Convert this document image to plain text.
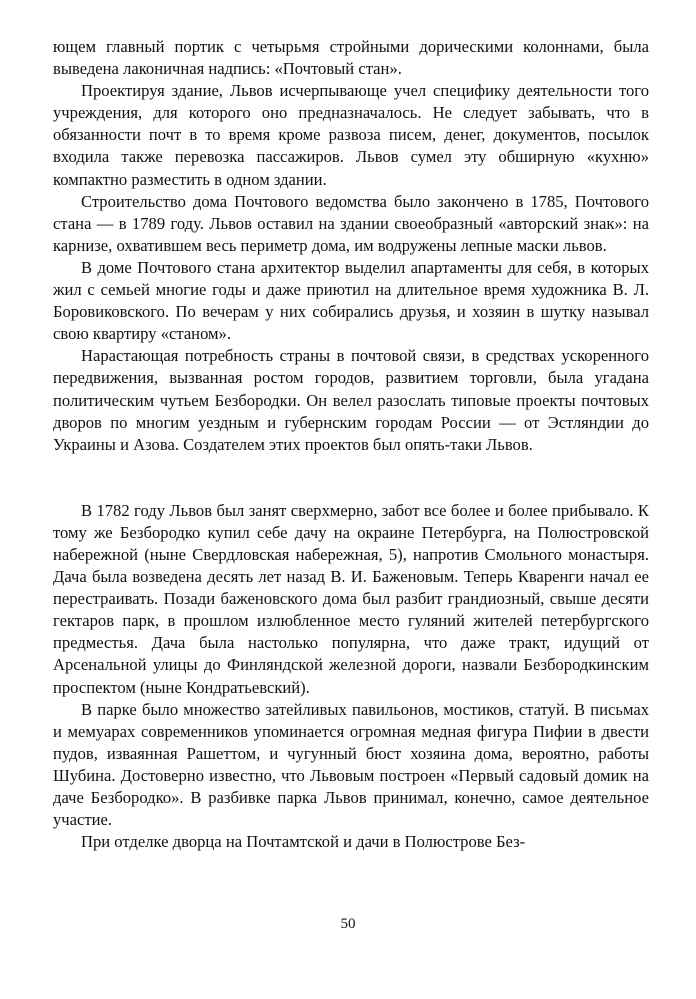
ющем главный портик с четырьмя стройными дорическими колоннами, была выведена лаконичная надпись: «Почтовый стан».

Проектируя здание, Львов исчерпывающе учел специфику деятельности того учреждения, для которого оно предназначалось. Не следует забывать, что в обязанности почт в то время кроме развоза писем, денег, документов, посылок входила также перевозка пассажиров. Львов сумел эту обширную «кухню» компактно разместить в одном здании.

Строительство дома Почтового ведомства было закончено в 1785, Почтового стана — в 1789 году. Львов оставил на здании своеобразный «авторский знак»: на карнизе, охватившем весь периметр дома, им водружены лепные маски львов.

В доме Почтового стана архитектор выделил апартаменты для себя, в которых жил с семьей многие годы и даже приютил на длительное время художника В. Л. Боровиковского. По вечерам у них собирались друзья, и хозяин в шутку называл свою квартиру «станом».

Нарастающая потребность страны в почтовой связи, в средствах ускоренного передвижения, вызванная ростом городов, развитием торговли, была угадана политическим чутьем Безбородки. Он велел разослать типовые проекты почтовых дворов по многим уездным и губернским городам России — от Эстляндии до Украины и Азова. Создателем этих проектов был опять-таки Львов.

В 1782 году Львов был занят сверхмерно, забот все более и более прибывало. К тому же Безбородко купил себе дачу на окраине Петербурга, на Полюстровской набережной (ныне Свердловская набережная, 5), напротив Смольного монастыря. Дача была возведена десять лет назад В. И. Баженовым. Теперь Кваренги начал ее перестраивать. Позади баженовского дома был разбит грандиозный, свыше десяти гектаров парк, в прошлом излюбленное место гуляний жителей петербургского предместья. Дача была настолько популярна, что даже тракт, идущий от Арсенальной улицы до Финляндской железной дороги, назвали Безбородкинским проспектом (ныне Кондратьевский).

В парке было множество затейливых павильонов, мостиков, статуй. В письмах и мемуарах современников упоминается огромная медная фигура Пифии в двести пудов, изваянная Рашеттом, и чугунный бюст хозяина дома, вероятно, работы Шубина. Достоверно известно, что Львовым построен «Первый садовый домик на даче Безбородко». В разбивке парка Львов принимал, конечно, самое деятельное участие.

При отделке дворца на Почтамтской и дачи в Полюстрове Без-

50
